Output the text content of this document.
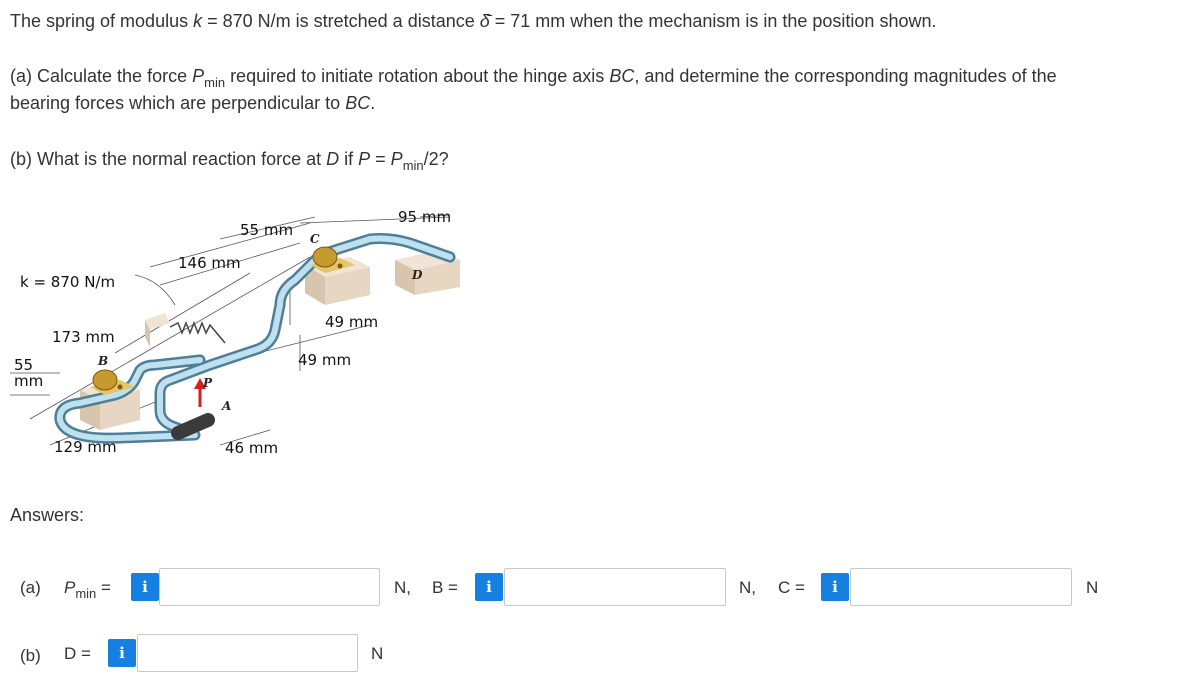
The spring of modulus k = 870 N/m is stretched a distance δ̄ = 71 mm when the mechanism is in the position shown.

(a) Calculate the force $P_{min}$ required to initiate rotation about the hinge axis BC, and determine the corresponding magnitudes of the
bearing forces which are perpendicular to BC.

(b) What is the normal reaction force at D if $P = P_{min}/2$?

95 mm
55 mm
146 mm
k = 870 N/m
49 mm
173 mm
49 mm
55
mm
129 mm	46 mm
A
B
C
D
P
Answers:
(a) $P_{min}$ =	i	N, B =	i	N, C =	i	N
(b) D =	i	N
